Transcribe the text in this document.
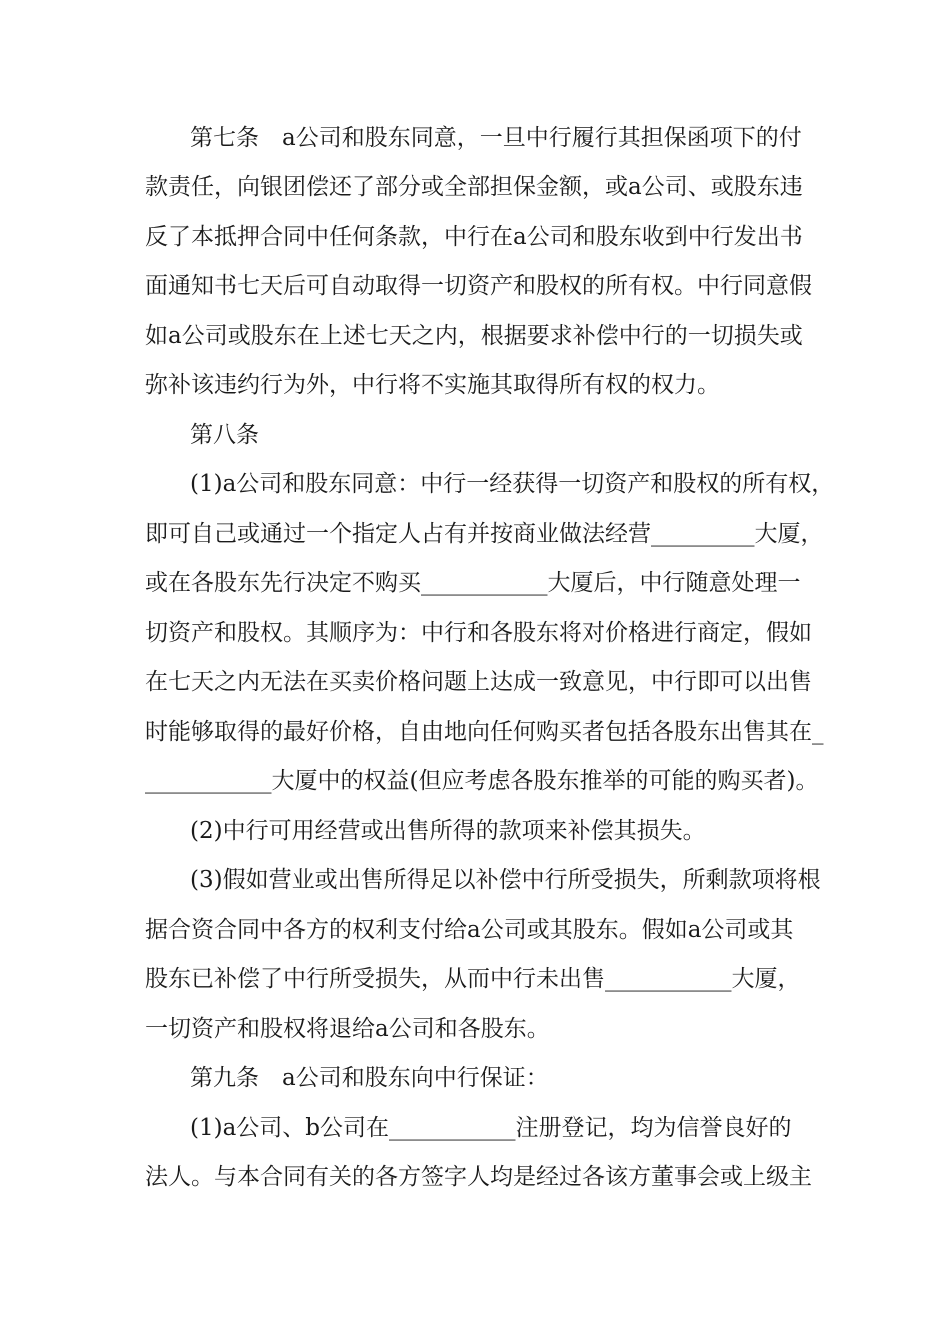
第七条　a公司和股东同意，一旦中行履行其担保函项下的付
款责任，向银团偿还了部分或全部担保金额，或a公司、或股东违
反了本抵押合同中任何条款，中行在a公司和股东收到中行发出书
面通知书七天后可自动取得一切资产和股权的所有权。中行同意假
如a公司或股东在上述七天之内，根据要求补偿中行的一切损失或
弥补该违约行为外，中行将不实施其取得所有权的权力。
第八条
(1)a公司和股东同意：中行一经获得一切资产和股权的所有权，
即可自己或通过一个指定人占有并按商业做法经营_________大厦，
或在各股东先行决定不购买___________大厦后，中行随意处理一
切资产和股权。其顺序为：中行和各股东将对价格进行商定，假如
在七天之内无法在买卖价格问题上达成一致意见，中行即可以出售
时能够取得的最好价格，自由地向任何购买者包括各股东出售其在_
___________大厦中的权益(但应考虑各股东推举的可能的购买者)。
(2)中行可用经营或出售所得的款项来补偿其损失。
(3)假如营业或出售所得足以补偿中行所受损失，所剩款项将根
据合资合同中各方的权利支付给a公司或其股东。假如a公司或其
股东已补偿了中行所受损失，从而中行未出售___________大厦，
一切资产和股权将退给a公司和各股东。
第九条　a公司和股东向中行保证：
(1)a公司、b公司在___________注册登记，均为信誉良好的
法人。与本合同有关的各方签字人均是经过各该方董事会或上级主
